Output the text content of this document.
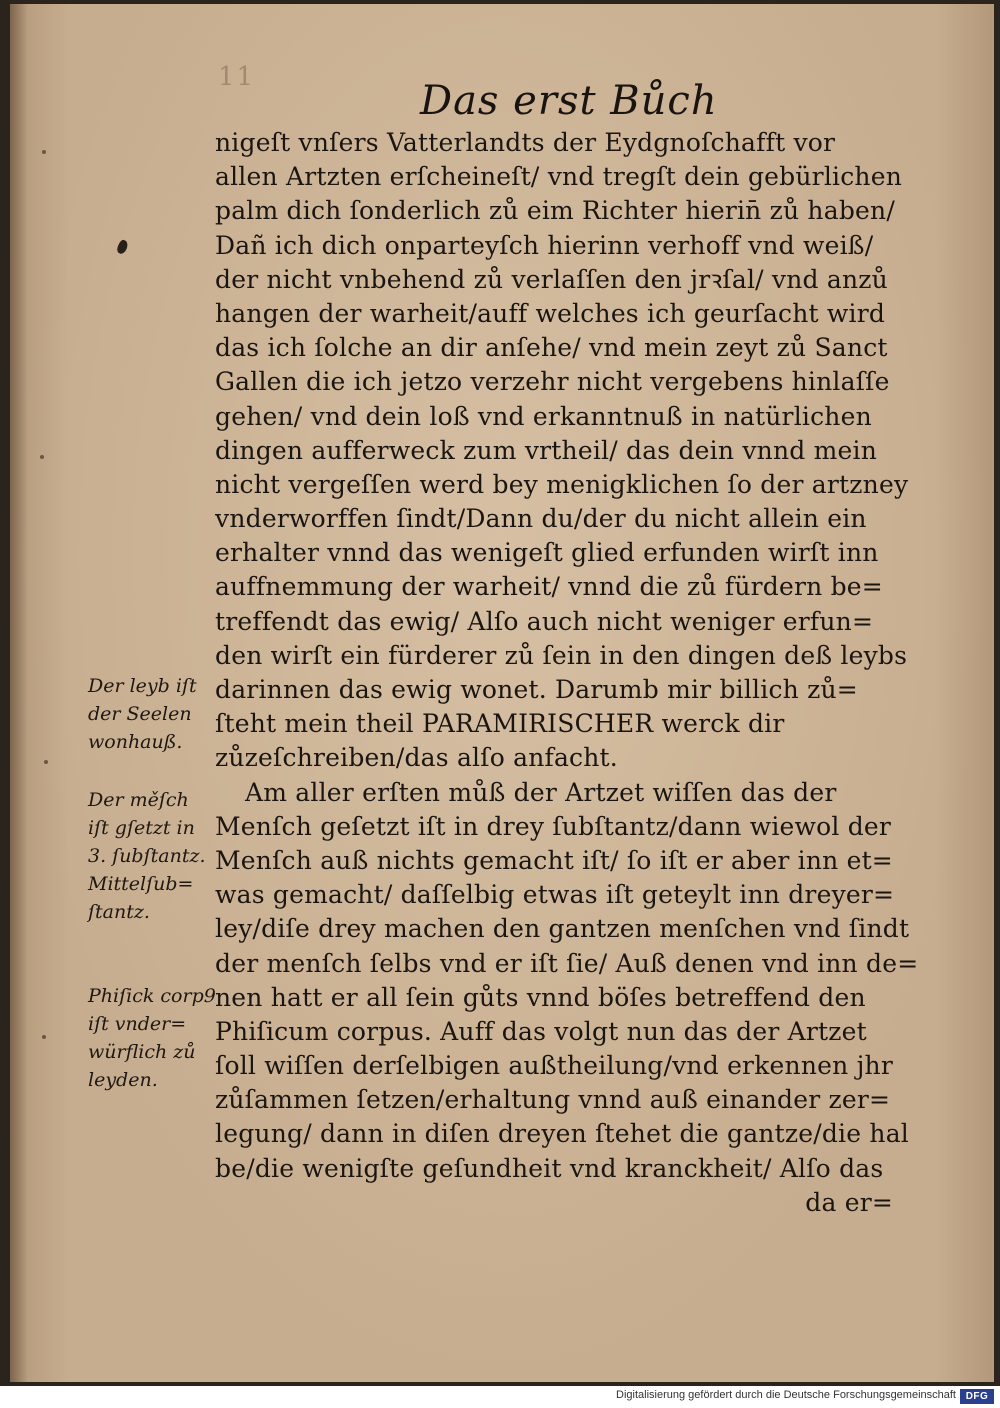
11
Das erst Bůch
nigeſt vnſers Vatterlandts der Eydgnoſchafft vor
allen Artzten erſcheineſt/ vnd tregſt dein gebürlichen
palm dich ſonderlich zů eim Richter hierin̄ zů haben/
Dañ ich dich onparteyſch hierinn verhoff vnd weiß/
der nicht vnbehend zů verlaſſen den jrꝛſal/ vnd anzů
hangen der warheit/auff welches ich geurſacht wird
das ich ſolche an dir anſehe/ vnd mein zeyt zů Sanct
Gallen die ich jetzo verzehr nicht vergebens hinlaſſe
gehen/ vnd dein loß vnd erkanntnuß in natürlichen
dingen aufferweck zum vrtheil/ das dein vnnd mein
nicht vergeſſen werd bey menigklichen ſo der artzney
vnderworffen ſindt/Dann du/der du nicht allein ein
erhalter vnnd das wenigeſt glied erfunden wirſt inn
auffnemmung der warheit/ vnnd die zů fürdern be=
treffendt das ewig/ Alſo auch nicht weniger erfun=
den wirſt ein fürderer zů ſein in den dingen deß leybs
darinnen das ewig wonet. Darumb mir billich zů=
ſteht mein theil PARAMIRISCHER werck dir
zůzeſchreiben/das alſo anfacht.
Am aller erſten můß der Artzet wiſſen das der
Menſch geſetzt iſt in drey ſubſtantz/dann wiewol der
Menſch auß nichts gemacht iſt/ ſo iſt er aber inn et=
was gemacht/ daſſelbig etwas iſt geteylt inn dreyer=
ley/diſe drey machen den gantzen menſchen vnd ſindt
der menſch ſelbs vnd er iſt ſie/ Auß denen vnd inn de=
nen hatt er all ſein gůts vnnd böſes betreffend den
Phiſicum corpus. Auff das volgt nun das der Artzet
ſoll wiſſen derſelbigen außtheilung/vnd erkennen jhr
zůſammen ſetzen/erhaltung vnnd auß einander zer=
legung/ dann in diſen dreyen ſtehet die gantze/die hal
be/die wenigſte geſundheit vnd kranckheit/ Alſo das
da er=
Der leyb iſt
der Seelen
wonhauß.
Der měſch
iſt gſetzt in
3. ſubſtantz.
Mittelſub=
ſtantz.
Phiſick corp9
iſt vnder=
würflich zů
leyden.
Digitalisierung gefördert durch die Deutsche Forschungsgemeinschaft DFG
